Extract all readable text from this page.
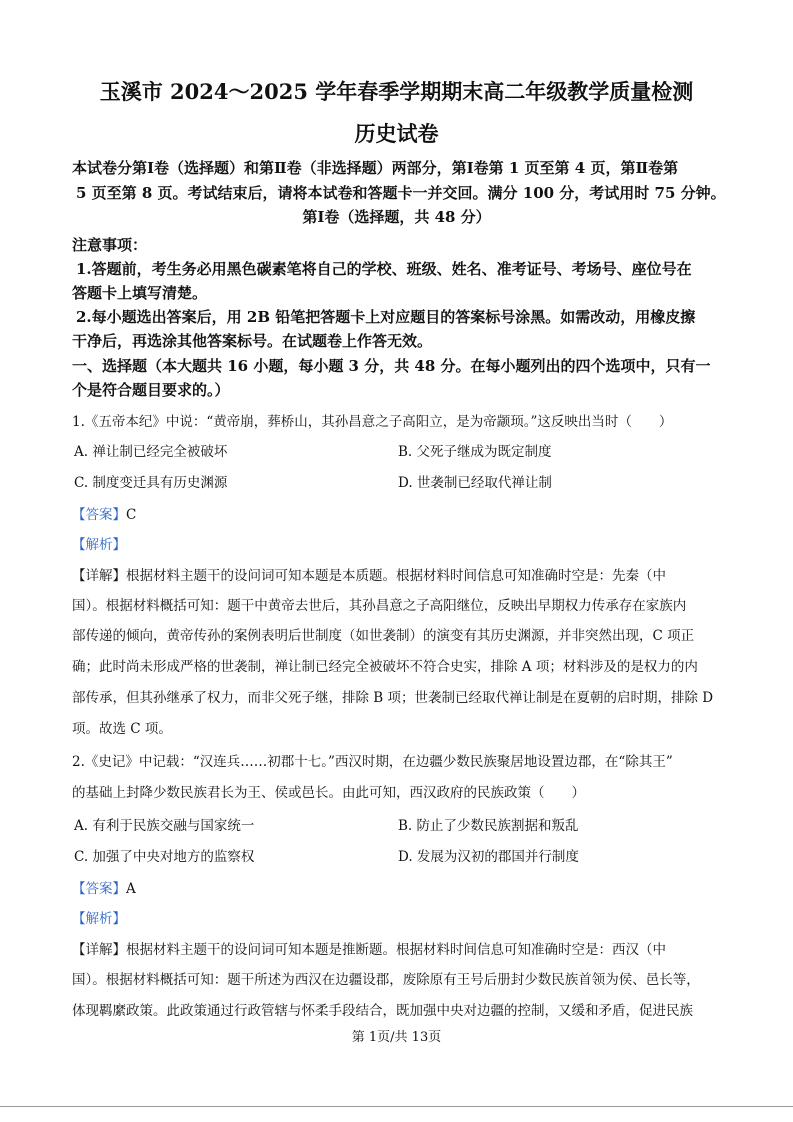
玉溪市 2024～2025 学年春季学期期末高二年级教学质量检测
历史试卷
本试卷分第Ⅰ卷（选择题）和第Ⅱ卷（非选择题）两部分，第Ⅰ卷第 1 页至第 4 页，第Ⅱ卷第
5 页至第 8 页。考试结束后，请将本试卷和答题卡一并交回。满分 100 分，考试用时 75 分钟。
第Ⅰ卷（选择题，共 48 分）
注意事项：
1.答题前，考生务必用黑色碳素笔将自己的学校、班级、姓名、准考证号、考场号、座位号在
答题卡上填写清楚。
2.每小题选出答案后，用 2B 铅笔把答题卡上对应题目的答案标号涂黑。如需改动，用橡皮擦
干净后，再选涂其他答案标号。在试题卷上作答无效。
一、选择题（本大题共 16 小题，每小题 3 分，共 48 分。在每小题列出的四个选项中，只有一
个是符合题目要求的。）
1.《五帝本纪》中说：“黄帝崩，葬桥山，其孙昌意之子高阳立，是为帝颛顼。”这反映出当时（　　）
A. 禅让制已经完全被破坏	B. 父死子继成为既定制度
C. 制度变迁具有历史渊源	D. 世袭制已经取代禅让制
【答案】C
【解析】
【详解】根据材料主题干的设问词可知本题是本质题。根据材料时间信息可知准确时空是：先秦（中
国）。根据材料概括可知：题干中黄帝去世后，其孙昌意之子高阳继位，反映出早期权力传承存在家族内
部传递的倾向，黄帝传孙的案例表明后世制度（如世袭制）的演变有其历史渊源，并非突然出现，C 项正
确；此时尚未形成严格的世袭制，禅让制已经完全被破坏不符合史实，排除 A 项；材料涉及的是权力的内
部传承，但其孙继承了权力，而非父死子继，排除 B 项；世袭制已经取代禅让制是在夏朝的启时期，排除 D
项。故选 C 项。
2.《史记》中记载：“汉连兵……初郡十七。”西汉时期，在边疆少数民族聚居地设置边郡，在“除其王”
的基础上封降少数民族君长为王、侯或邑长。由此可知，西汉政府的民族政策（　　）
A. 有利于民族交融与国家统一	B. 防止了少数民族割据和叛乱
C. 加强了中央对地方的监察权	D. 发展为汉初的郡国并行制度
【答案】A
【解析】
【详解】根据材料主题干的设问词可知本题是推断题。根据材料时间信息可知准确时空是：西汉（中
国）。根据材料概括可知：题干所述为西汉在边疆设郡，废除原有王号后册封少数民族首领为侯、邑长等，
体现羁縻政策。此政策通过行政管辖与怀柔手段结合，既加强中央对边疆的控制，又缓和矛盾，促进民族
第 1页/共 13页
